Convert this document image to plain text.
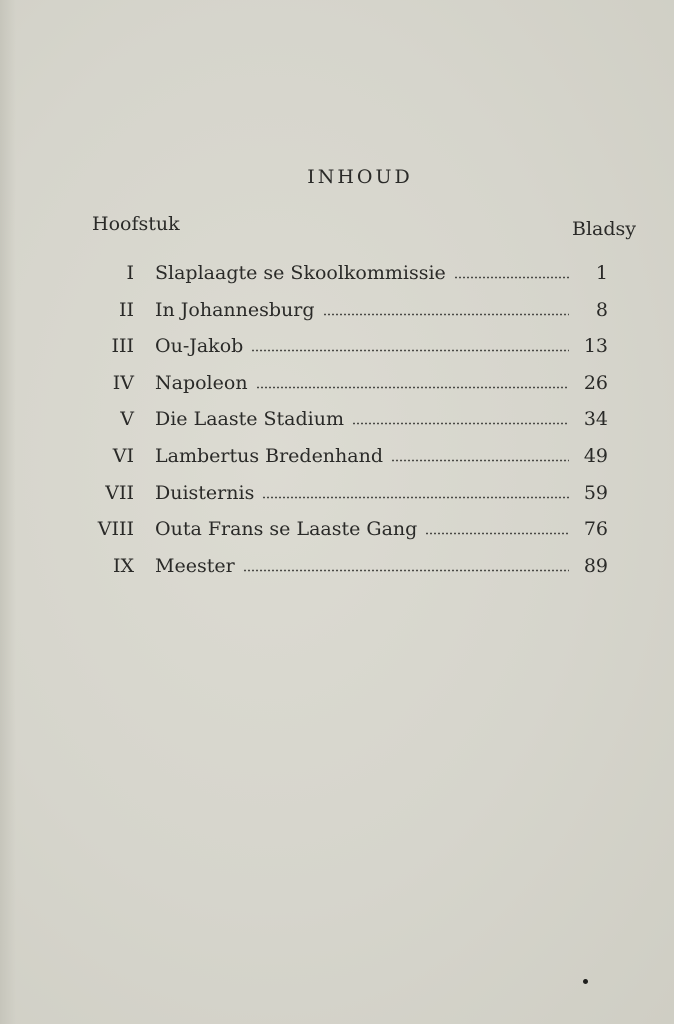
INHOUD
Hoofstuk	Bladsy
I Slaplaagte se Skoolkommissie	1
II In Johannesburg	8
III Ou-Jakob	13
IV Napoleon	26
V Die Laaste Stadium	34
VI Lambertus Bredenhand	49
VII Duisternis	59
VIII Outa Frans se Laaste Gang	76
IX Meester	89
